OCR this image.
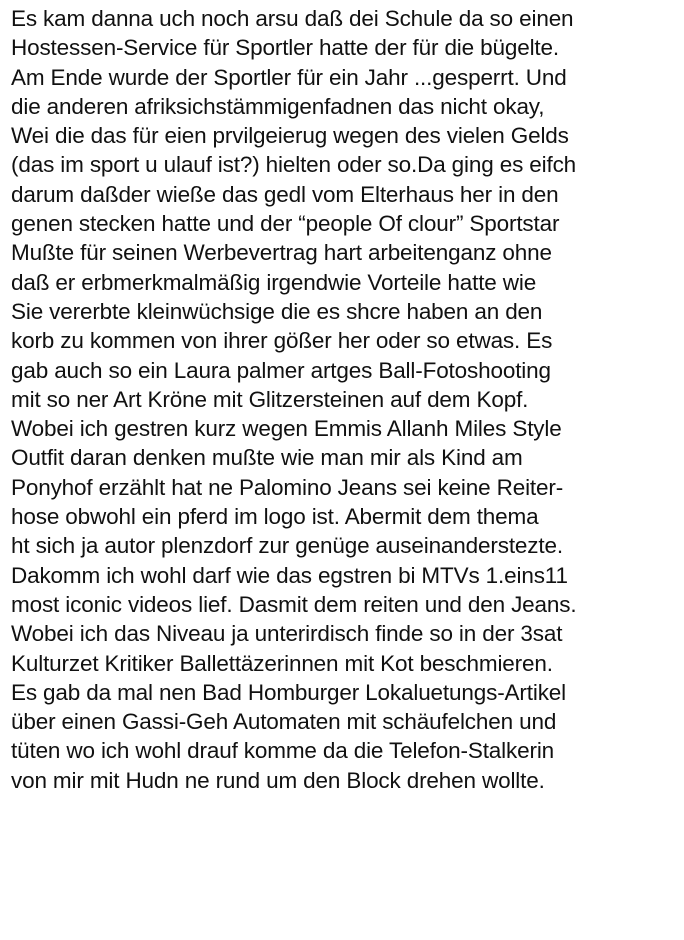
Es kam danna uch noch arsu daß dei Schule da so einen
Hostessen-Service für Sportler hatte der für die bügelte.
Am Ende wurde der Sportler für ein Jahr ...gesperrt. Und
die anderen afriksichstämmigenfadnen das nicht okay,
Wei die das für eien prvilgeierug wegen des vielen Gelds
(das im sport u ulauf ist?) hielten oder so.Da ging es eifch
darum daßder wieße das gedl vom Elterhaus her in den
genen stecken hatte und der “people Of clour” Sportstar
Mußte für seinen Werbevertrag hart arbeitenganz ohne
daß er erbmerkmalmäßig irgendwie Vorteile hatte wie
Sie vererbte kleinwüchsige die es shcre haben an den
korb zu kommen von ihrer gößer her oder so etwas. Es
gab auch so ein Laura palmer artges Ball-Fotoshooting
mit so ner Art Kröne mit Glitzersteinen auf dem Kopf.
Wobei ich gestren kurz wegen Emmis Allanh Miles Style
Outfit daran denken mußte wie man mir als Kind am
Ponyhof erzählt hat ne Palomino Jeans sei keine Reiter-
hose obwohl ein pferd im logo ist. Abermit dem thema
ht sich ja autor plenzdorf zur genüge auseinanderstezte.
Dakomm ich wohl darf wie das egstren bi MTVs 1.eins11
most iconic videos lief. Dasmit dem reiten und den Jeans.
Wobei ich das Niveau ja unterirdisch finde so in der 3sat
Kulturzet Kritiker Ballettäzerinnen mit Kot beschmieren.
Es gab da mal nen Bad Homburger Lokaluetungs-Artikel
über einen Gassi-Geh Automaten mit schäufelchen und
tüten wo ich wohl drauf komme da die Telefon-Stalkerin
von mir mit Hudn ne rund um den Block drehen wollte.
